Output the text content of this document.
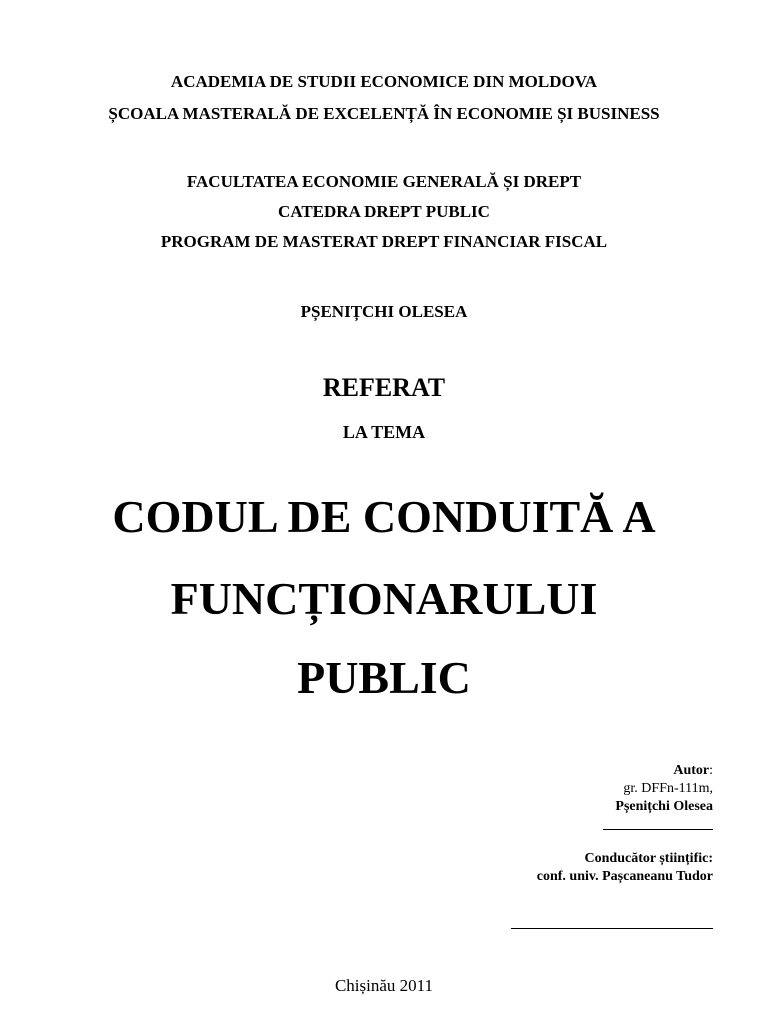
ACADEMIA DE STUDII ECONOMICE DIN MOLDOVA
ȘCOALA MASTERALĂ DE EXCELENȚĂ ÎN ECONOMIE ȘI BUSINESS
FACULTATEA ECONOMIE GENERALĂ ȘI DREPT
CATEDRA DREPT PUBLIC
PROGRAM DE MASTERAT DREPT FINANCIAR FISCAL
PȘENIȚCHI OLESEA
REFERAT
LA TEMA
CODUL DE CONDUITĂ A
FUNCȚIONARULUI
PUBLIC
Autor:
gr. DFFn-111m,
Pșenițchi Olesea
Conducător științific:
conf. univ. Pașcaneanu Tudor
Chișinău 2011
